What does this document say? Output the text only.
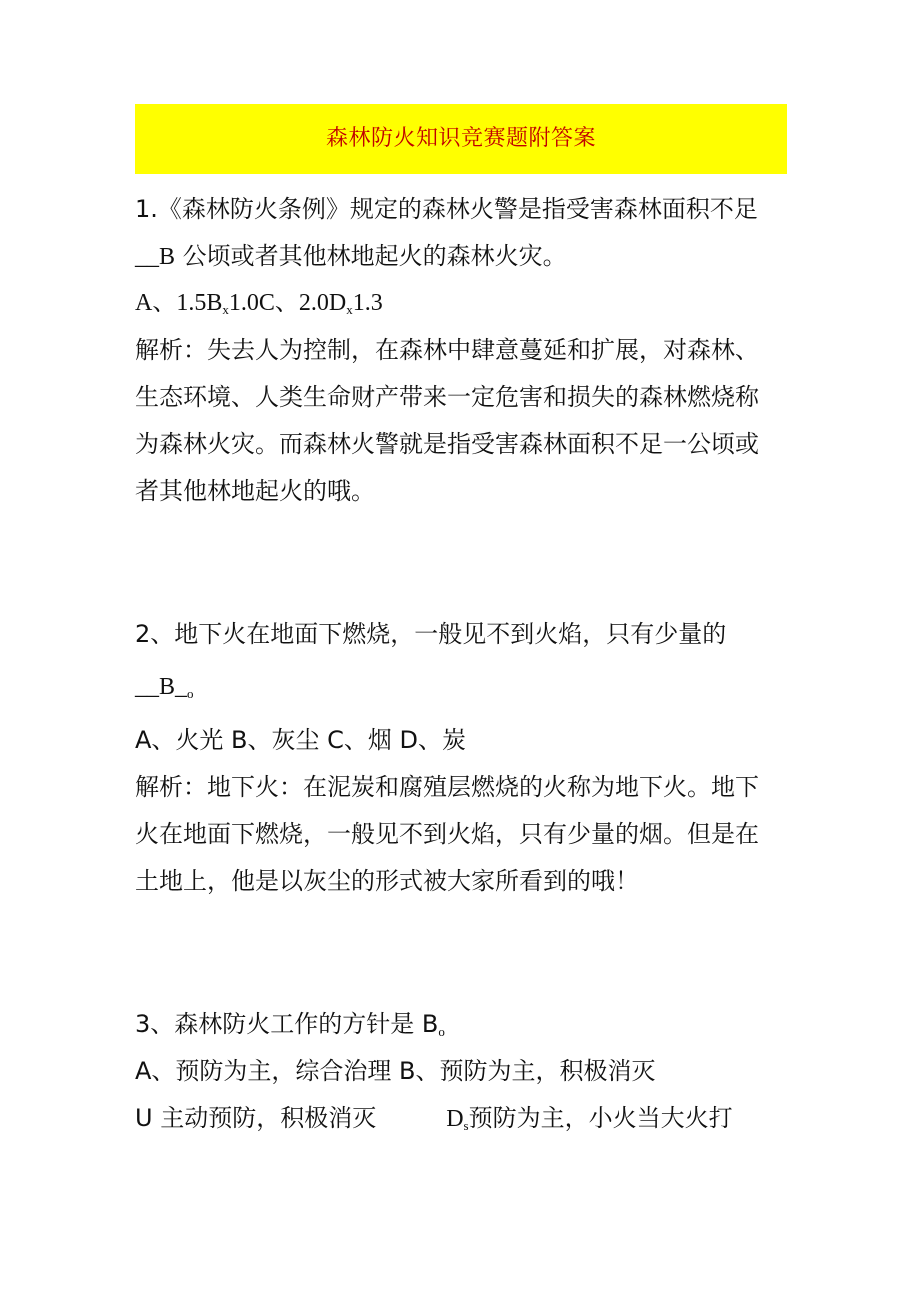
森林防火知识竞赛题附答案
1.《森林防火条例》规定的森林火警是指受害森林面积不足
__B 公顷或者其他林地起火的森林火灾。
A、$1.5B_x1.0C$、$2.0D_x1.3$
解析：失去人为控制，在森林中肆意蔓延和扩展，对森林、
生态环境、人类生命财产带来一定危害和损失的森林燃烧称
为森林火灾。而森林火警就是指受害森林面积不足一公顷或
者其他林地起火的哦。
2、地下火在地面下燃烧，一般见不到火焰，只有少量的
$\_\_B\__o$
A、火光 B、灰尘 C、烟 D、炭
解析：地下火：在泥炭和腐殖层燃烧的火称为地下火。地下
火在地面下燃烧，一般见不到火焰，只有少量的烟。但是在
土地上，他是以灰尘的形式被大家所看到的哦！
3、森林防火工作的方针是 $B_o$
A、预防为主，综合治理 B、预防为主，积极消灭
U 主动预防，积极消灭	$D_s$预防为主，小火当大火打
